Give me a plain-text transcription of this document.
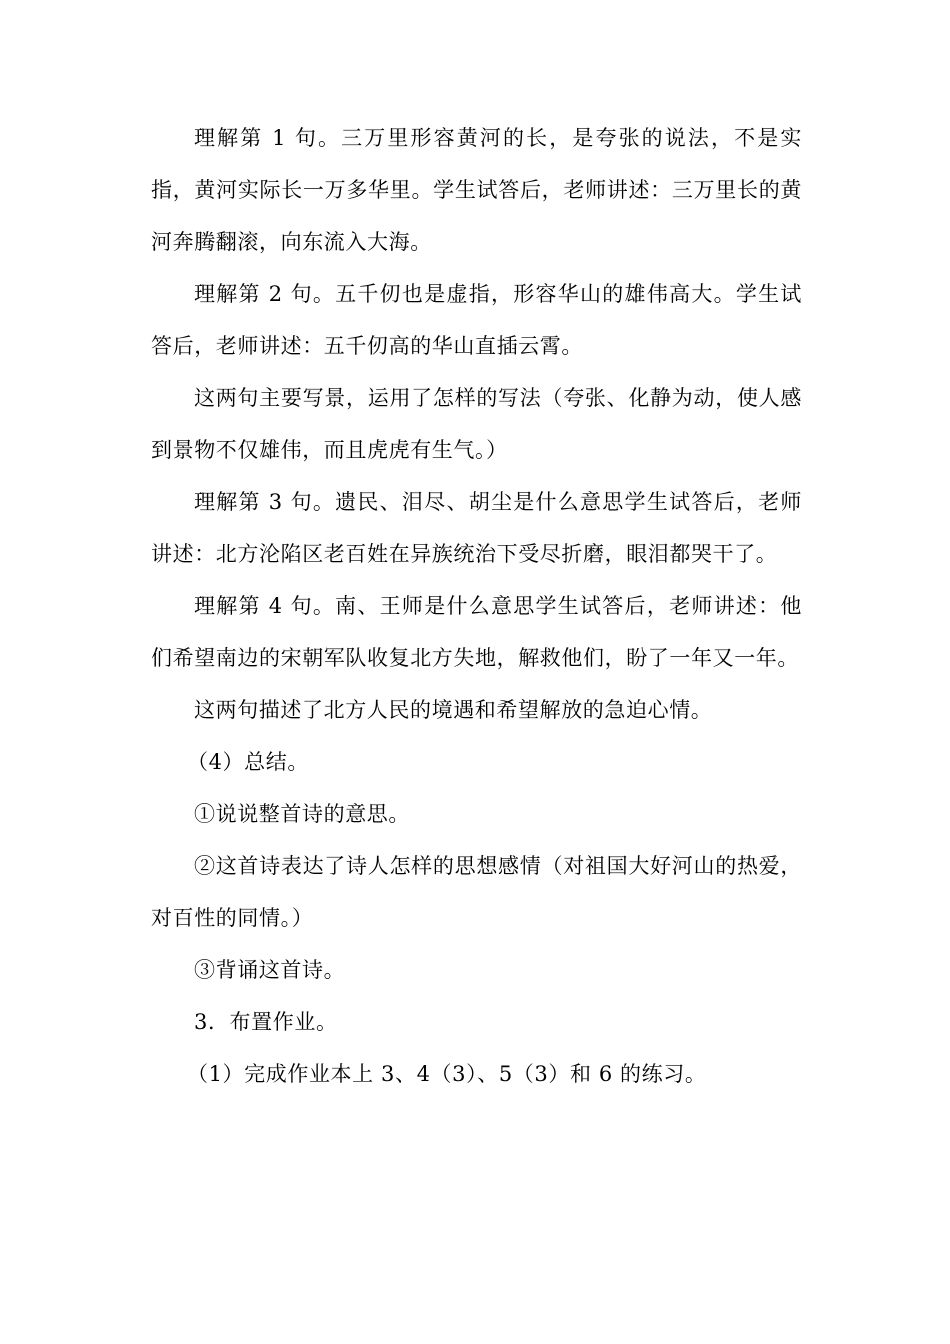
理解第 1 句。三万里形容黄河的长，是夸张的说法，不是实指，黄河实际长一万多华里。学生试答后，老师讲述：三万里长的黄河奔腾翻滚，向东流入大海。

理解第 2 句。五千仞也是虚指，形容华山的雄伟高大。学生试答后，老师讲述：五千仞高的华山直插云霄。

这两句主要写景，运用了怎样的写法（夸张、化静为动，使人感到景物不仅雄伟，而且虎虎有生气。）

理解第 3 句。遗民、泪尽、胡尘是什么意思学生试答后，老师讲述：北方沦陷区老百姓在异族统治下受尽折磨，眼泪都哭干了。

理解第 4 句。南、王师是什么意思学生试答后，老师讲述：他们希望南边的宋朝军队收复北方失地，解救他们，盼了一年又一年。

这两句描述了北方人民的境遇和希望解放的急迫心情。

（4）总结。

①说说整首诗的意思。

②这首诗表达了诗人怎样的思想感情（对祖国大好河山的热爱，对百性的同情。）

③背诵这首诗。

3．布置作业。

（1）完成作业本上 3、4（3）、5（3）和 6 的练习。
